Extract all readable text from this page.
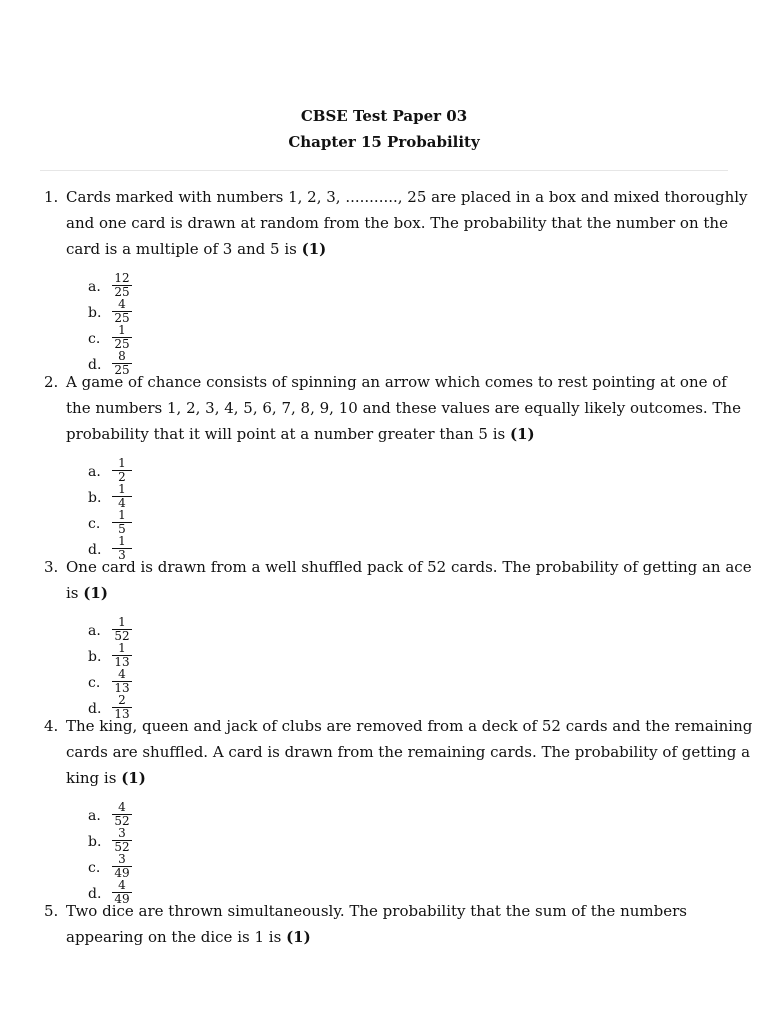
CBSE Test Paper 03
Chapter 15 Probability
1. Cards marked with numbers 1, 2, 3, ..........., 25 are placed in a box and mixed thoroughly
and one card is drawn at random from the box. The probability that the number on the
card is a multiple of 3 and 5 is (1)
a.
12
25
b.
4
25
c.
1
25
d.
8
25
2. A game of chance consists of spinning an arrow which comes to rest pointing at one of
the numbers 1, 2, 3, 4, 5, 6, 7, 8, 9, 10 and these values are equally likely outcomes. The
probability that it will point at a number greater than 5 is (1)
a.
1
2
b.
1
4
c.
1
5
d.
1
3
3. One card is drawn from a well shuffled pack of 52 cards. The probability of getting an ace
is (1)
a.
1
52
b.
1
13
c.
4
13
d.
2
13
4. The king, queen and jack of clubs are removed from a deck of 52 cards and the remaining
cards are shuffled. A card is drawn from the remaining cards. The probability of getting a
king is (1)
a.
4
52
b.
3
52
c.
3
49
d.
4
49
5. Two dice are thrown simultaneously. The probability that the sum of the numbers
appearing on the dice is 1 is (1)
